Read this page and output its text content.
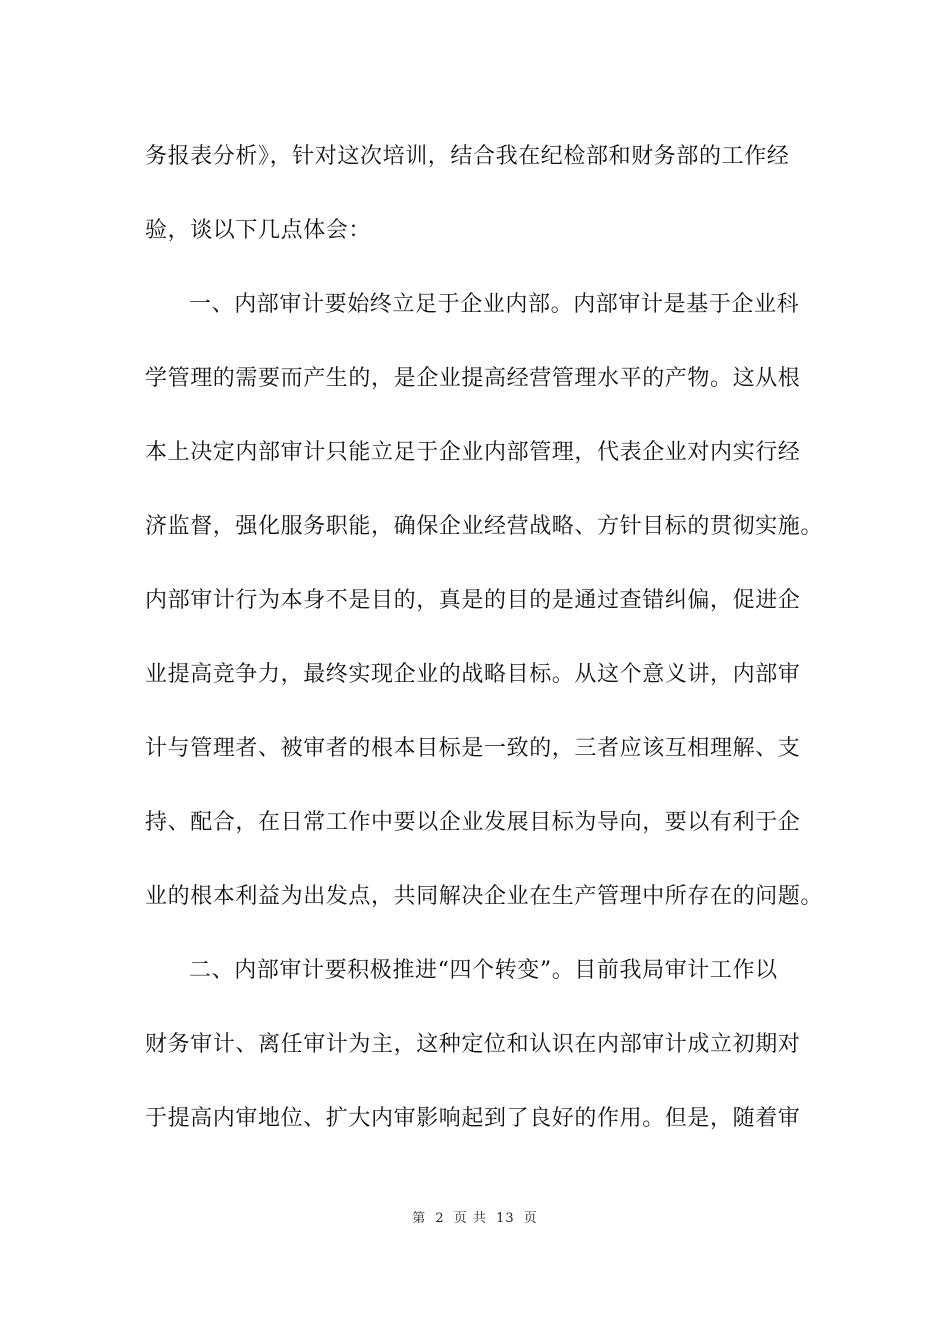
务报表分析》，针对这次培训，结合我在纪检部和财务部的工作经
验，谈以下几点体会：
一、内部审计要始终立足于企业内部。内部审计是基于企业科
学管理的需要而产生的，是企业提高经营管理水平的产物。这从根
本上决定内部审计只能立足于企业内部管理，代表企业对内实行经
济监督，强化服务职能，确保企业经营战略、方针目标的贯彻实施。
内部审计行为本身不是目的，真是的目的是通过查错纠偏，促进企
业提高竞争力，最终实现企业的战略目标。从这个意义讲，内部审
计与管理者、被审者的根本目标是一致的，三者应该互相理解、支
持、配合，在日常工作中要以企业发展目标为导向，要以有利于企
业的根本利益为出发点，共同解决企业在生产管理中所存在的问题。
二、内部审计要积极推进“四个转变”。目前我局审计工作以
财务审计、离任审计为主，这种定位和认识在内部审计成立初期对
于提高内审地位、扩大内审影响起到了良好的作用。但是，随着审
第 2 页 共 13 页
